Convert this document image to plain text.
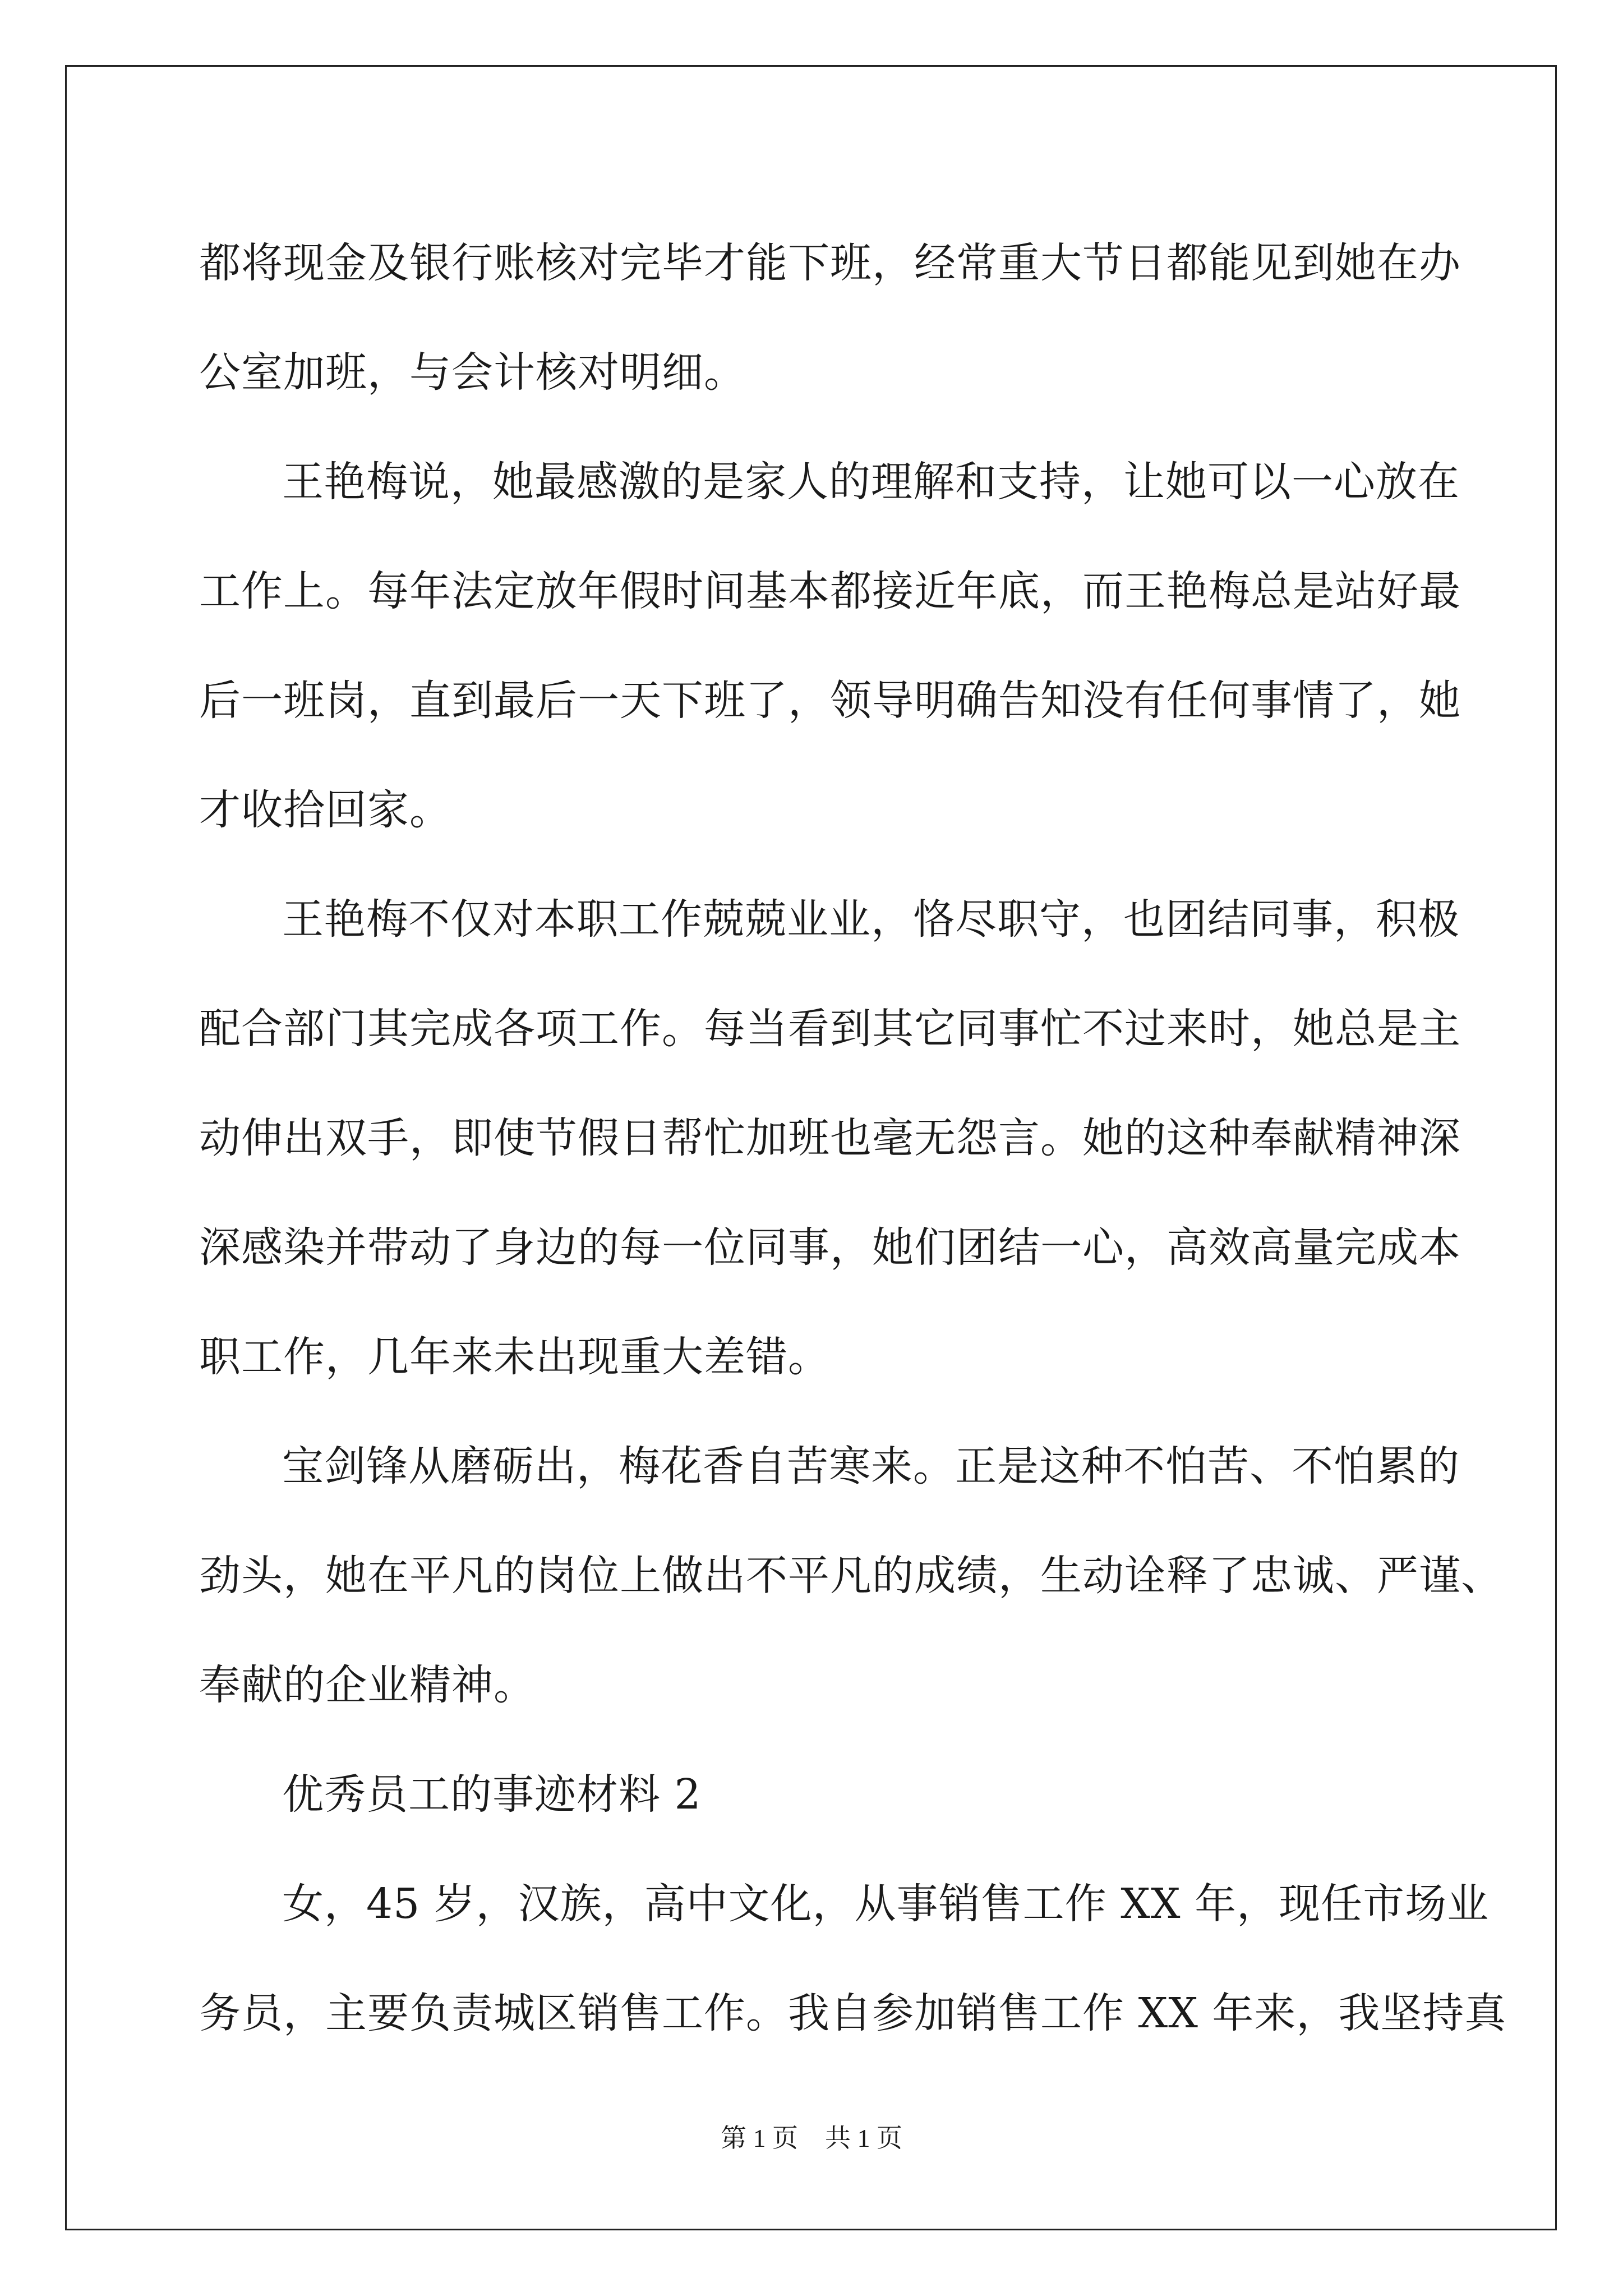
都将现金及银行账核对完毕才能下班，经常重大节日都能见到她在办
公室加班，与会计核对明细。
王艳梅说，她最感激的是家人的理解和支持，让她可以一心放在
工作上。每年法定放年假时间基本都接近年底，而王艳梅总是站好最
后一班岗，直到最后一天下班了，领导明确告知没有任何事情了，她
才收拾回家。
王艳梅不仅对本职工作兢兢业业，恪尽职守，也团结同事，积极
配合部门其完成各项工作。每当看到其它同事忙不过来时，她总是主
动伸出双手，即使节假日帮忙加班也毫无怨言。她的这种奉献精神深
深感染并带动了身边的每一位同事，她们团结一心，高效高量完成本
职工作，几年来未出现重大差错。
宝剑锋从磨砺出，梅花香自苦寒来。正是这种不怕苦、不怕累的
劲头，她在平凡的岗位上做出不平凡的成绩，生动诠释了忠诚、严谨、
奉献的企业精神。
优秀员工的事迹材料 2
女，45 岁，汉族，高中文化，从事销售工作 XX 年，现任市场业
务员，主要负责城区销售工作。我自参加销售工作 XX 年来，我坚持真
第 1 页 共 1 页
